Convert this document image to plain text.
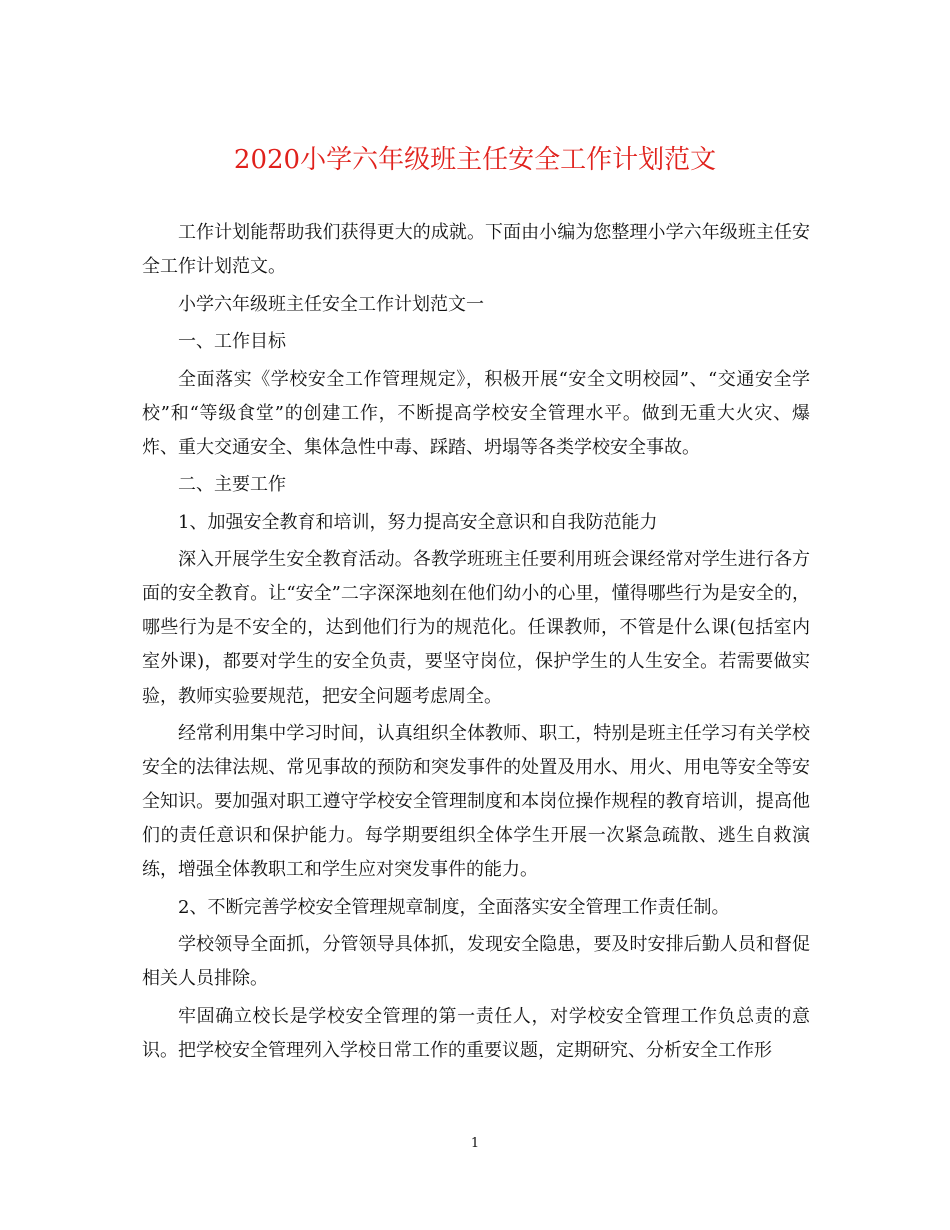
2020小学六年级班主任安全工作计划范文

工作计划能帮助我们获得更大的成就。下面由小编为您整理小学六年级班主任安全工作计划范文。

小学六年级班主任安全工作计划范文一

一、工作目标

全面落实《学校安全工作管理规定》，积极开展“安全文明校园”、“交通安全学校”和“等级食堂”的创建工作，不断提高学校安全管理水平。做到无重大火灾、爆炸、重大交通安全、集体急性中毒、踩踏、坍塌等各类学校安全事故。

二、主要工作

1、加强安全教育和培训，努力提高安全意识和自我防范能力

深入开展学生安全教育活动。各教学班班主任要利用班会课经常对学生进行各方面的安全教育。让“安全”二字深深地刻在他们幼小的心里，懂得哪些行为是安全的，哪些行为是不安全的，达到他们行为的规范化。任课教师，不管是什么课(包括室内室外课)，都要对学生的安全负责，要坚守岗位，保护学生的人生安全。若需要做实验，教师实验要规范，把安全问题考虑周全。

经常利用集中学习时间，认真组织全体教师、职工，特别是班主任学习有关学校安全的法律法规、常见事故的预防和突发事件的处置及用水、用火、用电等安全等安全知识。要加强对职工遵守学校安全管理制度和本岗位操作规程的教育培训，提高他们的责任意识和保护能力。每学期要组织全体学生开展一次紧急疏散、逃生自救演练，增强全体教职工和学生应对突发事件的能力。

2、不断完善学校安全管理规章制度，全面落实安全管理工作责任制。

学校领导全面抓，分管领导具体抓，发现安全隐患，要及时安排后勤人员和督促相关人员排除。

牢固确立校长是学校安全管理的第一责任人，对学校安全管理工作负总责的意识。把学校安全管理列入学校日常工作的重要议题，定期研究、分析安全工作形

1
